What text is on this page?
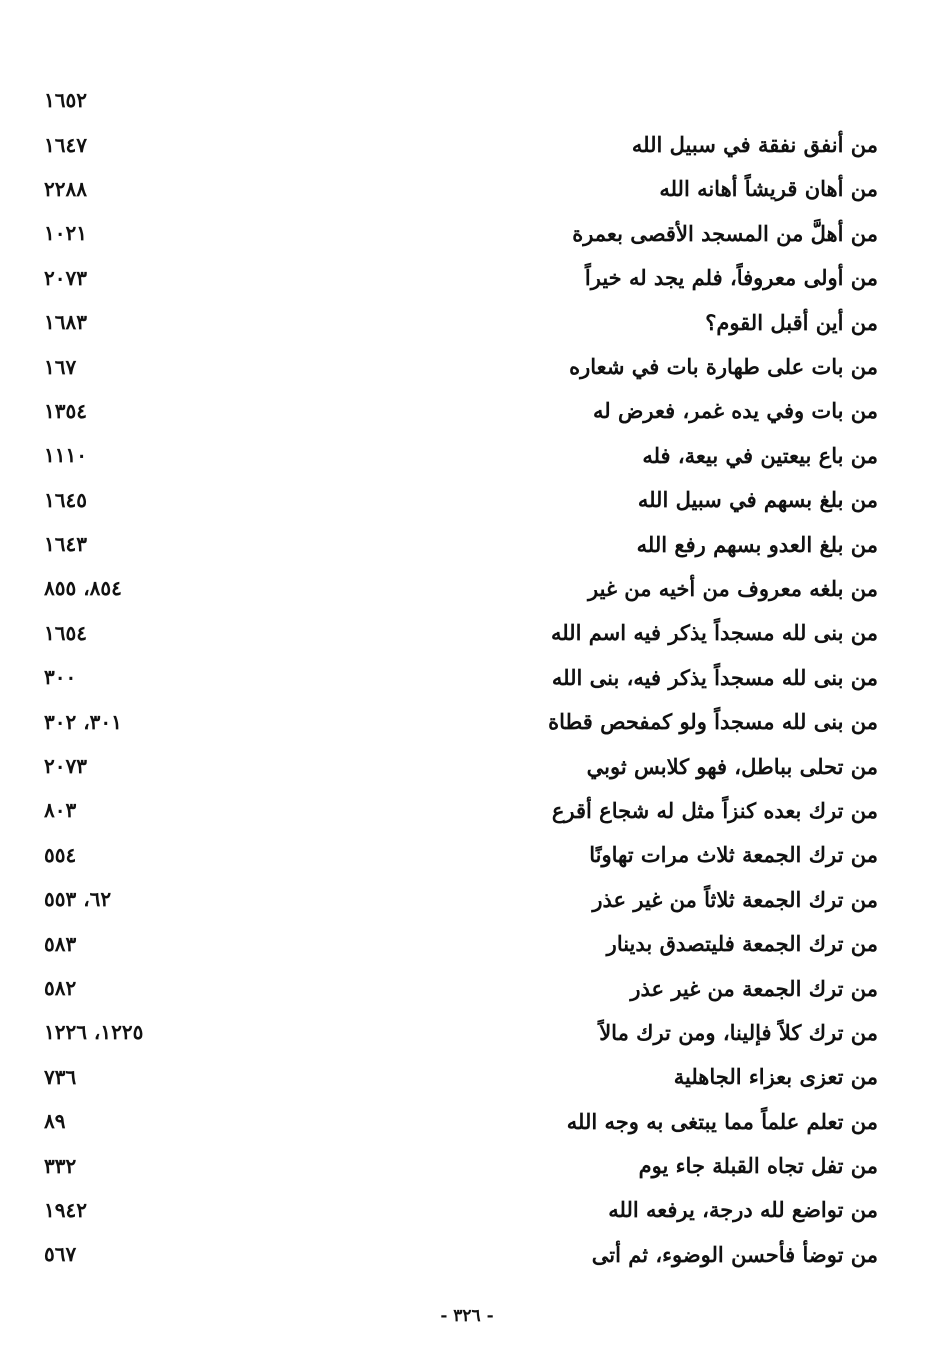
١٦٥٢
من أنفق نفقة في سبيل الله
١٦٤٧
من أهان قريشاً أهانه الله
٢٢٨٨
من أهلَّ من المسجد الأقصى بعمرة
١٠٢١
من أولى معروفاً، فلم يجد له خيراً
٢٠٧٣
من أين أقبل القوم؟
١٦٨٣
من بات على طهارة بات في شعاره
١٦٧
من بات وفي يده غمر، فعرض له
١٣٥٤
من باع بيعتين في بيعة، فله
١١١٠
من بلغ بسهم في سبيل الله
١٦٤٥
من بلغ العدو بسهم رفع الله
١٦٤٣
من بلغه معروف من أخيه من غير
٨٥٤، ٨٥٥
من بنى لله مسجداً يذكر فيه اسم الله
١٦٥٤
من بنى لله مسجداً يذكر فيه، بنى الله
٣٠٠
من بنى لله مسجداً ولو كمفحص قطاة
٣٠١، ٣٠٢
من تحلى بباطل، فهو كلابس ثوبي
٢٠٧٣
من ترك بعده كنزاً مثل له شجاع أقرع
٨٠٣
من ترك الجمعة ثلاث مرات تهاونًا
٥٥٤
من ترك الجمعة ثلاثاً من غير عذر
٦٢، ٥٥٣
من ترك الجمعة فليتصدق بدينار
٥٨٣
من ترك الجمعة من غير عذر
٥٨٢
من ترك كلاً فإلينا، ومن ترك مالاً
١٢٢٥، ١٢٢٦
من تعزى بعزاء الجاهلية
٧٣٦
من تعلم علماً مما يبتغى به وجه الله
٨٩
من تفل تجاه القبلة جاء يوم
٣٣٢
من تواضع لله درجة، يرفعه الله
١٩٤٢
من توضأ فأحسن الوضوء، ثم أتى
٥٦٧
- ٣٢٦ -
